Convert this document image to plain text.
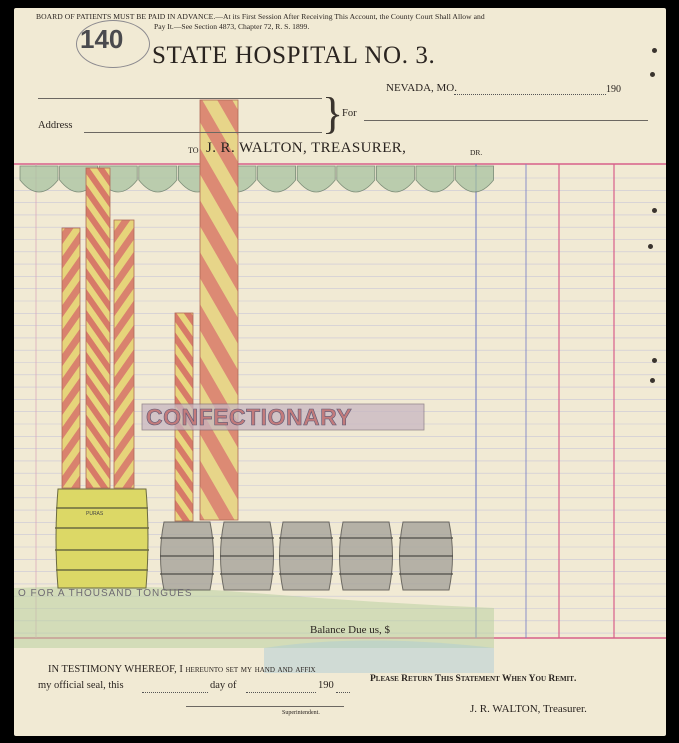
BOARD OF PATIENTS MUST BE PAID IN ADVANCE.—At its First Session After Receiving This Account, the County Court Shall Allow and
Pay It.—See Section 4873, Chapter 72, R. S. 1899.
140
STATE HOSPITAL NO. 3.
NEVADA, MO.	190
Address	}
For
TO J. R. WALTON, TREASURER,	DR.
CONFECTIONARY
PURAS
O FOR A THOUSAND TONGUES
Balance Due us, $
IN TESTIMONY WHEREOF, I hereunto set my hand and affix
my official seal, this	day of	190
Superintendent.
Please Return This Statement When You Remit.
J. R. WALTON, Treasurer.
